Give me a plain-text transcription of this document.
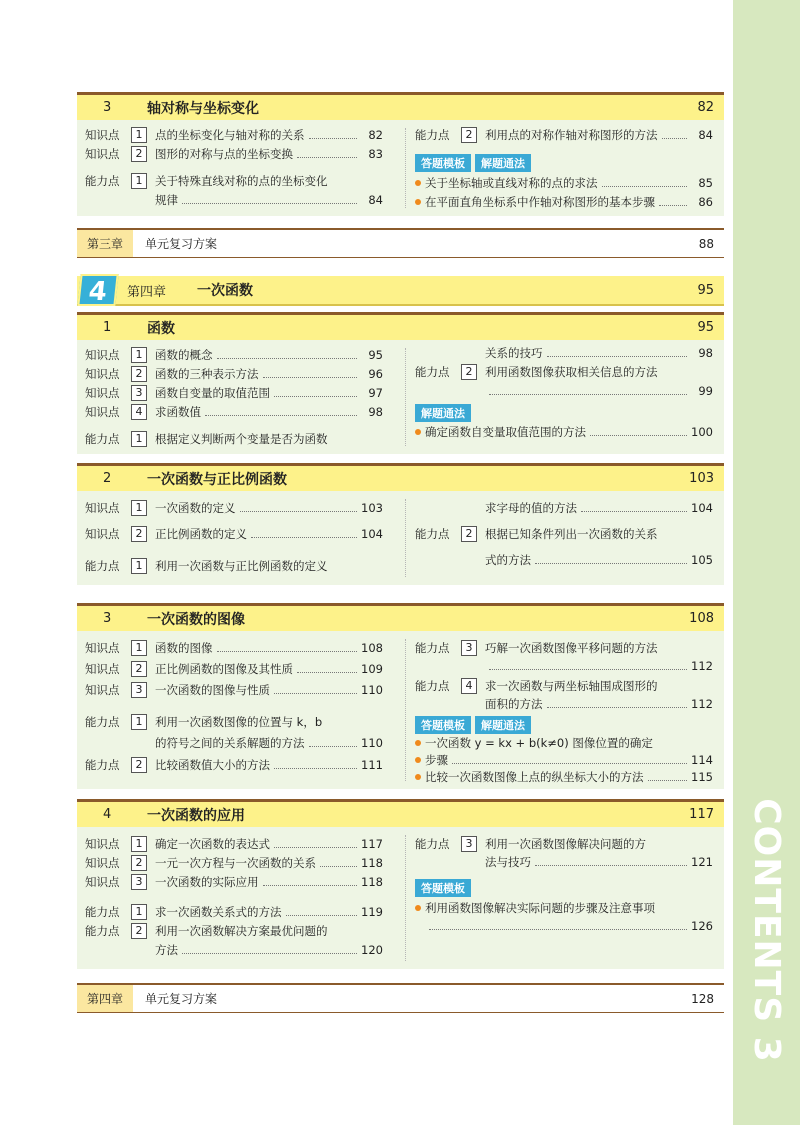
CONTENTS 3
3	轴对称与坐标变化	82
知识点	1	点的坐标变化与轴对称的关系	82
知识点	2	图形的对称与点的坐标变换	83
能力点	1	关于特殊直线对称的点的坐标变化
规律	84
能力点	2	利用点的对称作轴对称图形的方法	84
答题模板	解题通法
关于坐标轴或直线对称的点的求法	85
在平面直角坐标系中作轴对称图形的基本步骤	86
第三章	单元复习方案	88
4	第四章	一次函数	95
1	函数	95
知识点	1	函数的概念	95
知识点	2	函数的三种表示方法	96
知识点	3	函数自变量的取值范围	97
知识点	4	求函数值	98
能力点	1	根据定义判断两个变量是否为函数
关系的技巧	98
能力点	2	利用函数图像获取相关信息的方法
99
解题通法
确定函数自变量取值范围的方法	100
2	一次函数与正比例函数	103
知识点	1	一次函数的定义	103
知识点	2	正比例函数的定义	104
能力点	1	利用一次函数与正比例函数的定义
求字母的值的方法	104
能力点	2	根据已知条件列出一次函数的关系
式的方法	105
3	一次函数的图像	108
知识点	1	函数的图像	108
知识点	2	正比例函数的图像及其性质	109
知识点	3	一次函数的图像与性质	110
能力点	1	利用一次函数图像的位置与 k，b
的符号之间的关系解题的方法	110
能力点	2	比较函数值大小的方法	111
能力点	3	巧解一次函数图像平移问题的方法
112
能力点	4	求一次函数与两坐标轴围成图形的
面积的方法	112
答题模板	解题通法
一次函数 y = kx + b(k≠0) 图像位置的确定
步骤	114
比较一次函数图像上点的纵坐标大小的方法	115
4	一次函数的应用	117
知识点	1	确定一次函数的表达式	117
知识点	2	一元一次方程与一次函数的关系	118
知识点	3	一次函数的实际应用	118
能力点	1	求一次函数关系式的方法	119
能力点	2	利用一次函数解决方案最优问题的
方法	120
能力点	3	利用一次函数图像解决问题的方
法与技巧	121
答题模板
利用函数图像解决实际问题的步骤及注意事项
126
第四章	单元复习方案	128
